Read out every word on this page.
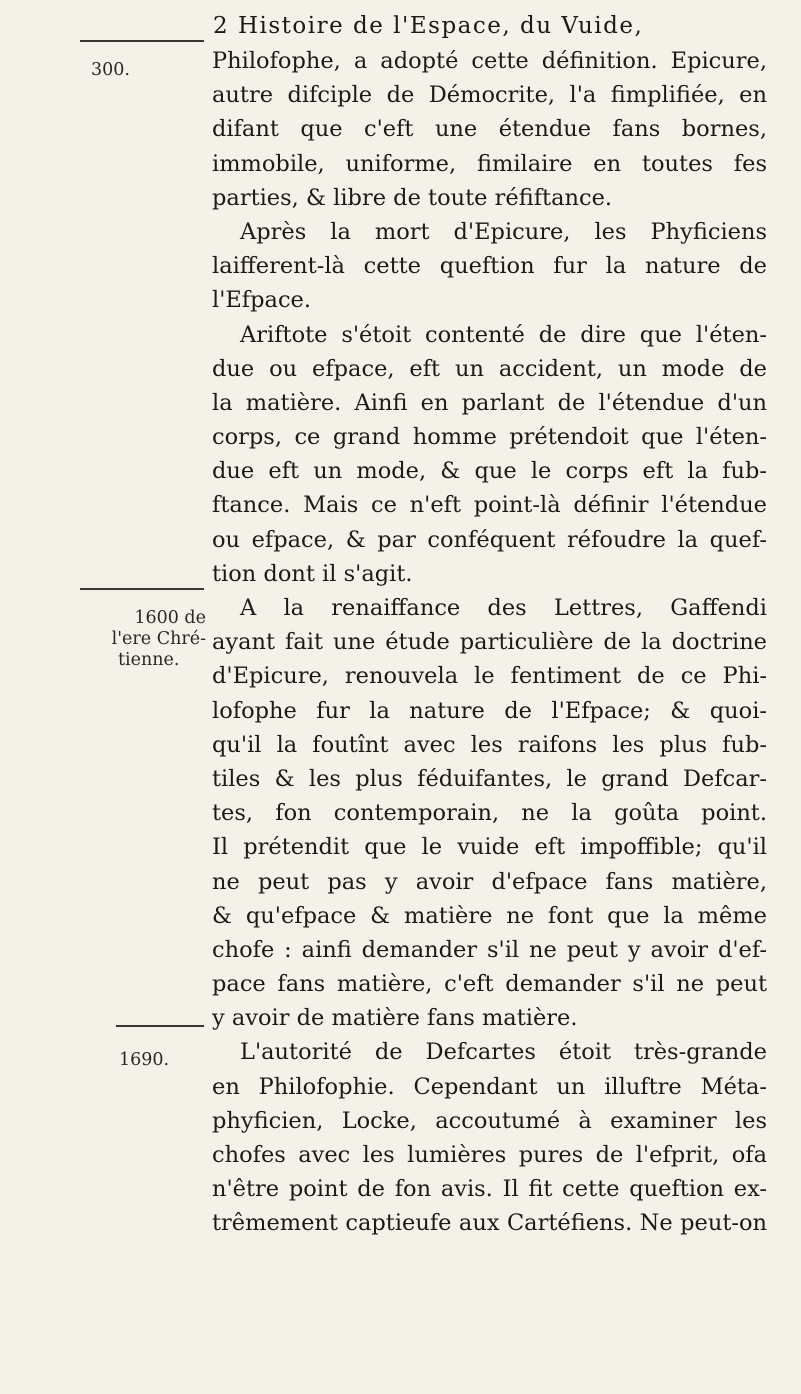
300.
1600 de
l'ere Chré-
tienne.
1690.
2 Histoire de l'Espace, du Vuide,
Philofophe, a adopté cette définition. Epicure,
autre difciple de Démocrite, l'a fimplifiée, en
difant que c'eft une étendue fans bornes,
immobile, uniforme, fimilaire en toutes fes
parties, & libre de toute réfiftance.
Après la mort d'Epicure, les Phyficiens
laifferent-là cette queftion fur la nature de
l'Efpace.
Ariftote s'étoit contenté de dire que l'éten-
due ou efpace, eft un accident, un mode de
la matière. Ainfi en parlant de l'étendue d'un
corps, ce grand homme prétendoit que l'éten-
due eft un mode, & que le corps eft la fub-
ftance. Mais ce n'eft point-là définir l'étendue
ou efpace, & par conféquent réfoudre la quef-
tion dont il s'agit.
A la renaiffance des Lettres, Gaffendi
ayant fait une étude particulière de la doctrine
d'Epicure, renouvela le fentiment de ce Phi-
lofophe fur la nature de l'Efpace; & quoi-
qu'il la foutînt avec les raifons les plus fub-
tiles & les plus féduifantes, le grand Defcar-
tes, fon contemporain, ne la goûta point.
Il prétendit que le vuide eft impoffible; qu'il
ne peut pas y avoir d'efpace fans matière,
& qu'efpace & matière ne font que la même
chofe : ainfi demander s'il ne peut y avoir d'ef-
pace fans matière, c'eft demander s'il ne peut
y avoir de matière fans matière.
L'autorité de Defcartes étoit très-grande
en Philofophie. Cependant un illuftre Méta-
phyficien, Locke, accoutumé à examiner les
chofes avec les lumières pures de l'efprit, ofa
n'être point de fon avis. Il fit cette queftion ex-
trêmement captieufe aux Cartéfiens. Ne peut-on
